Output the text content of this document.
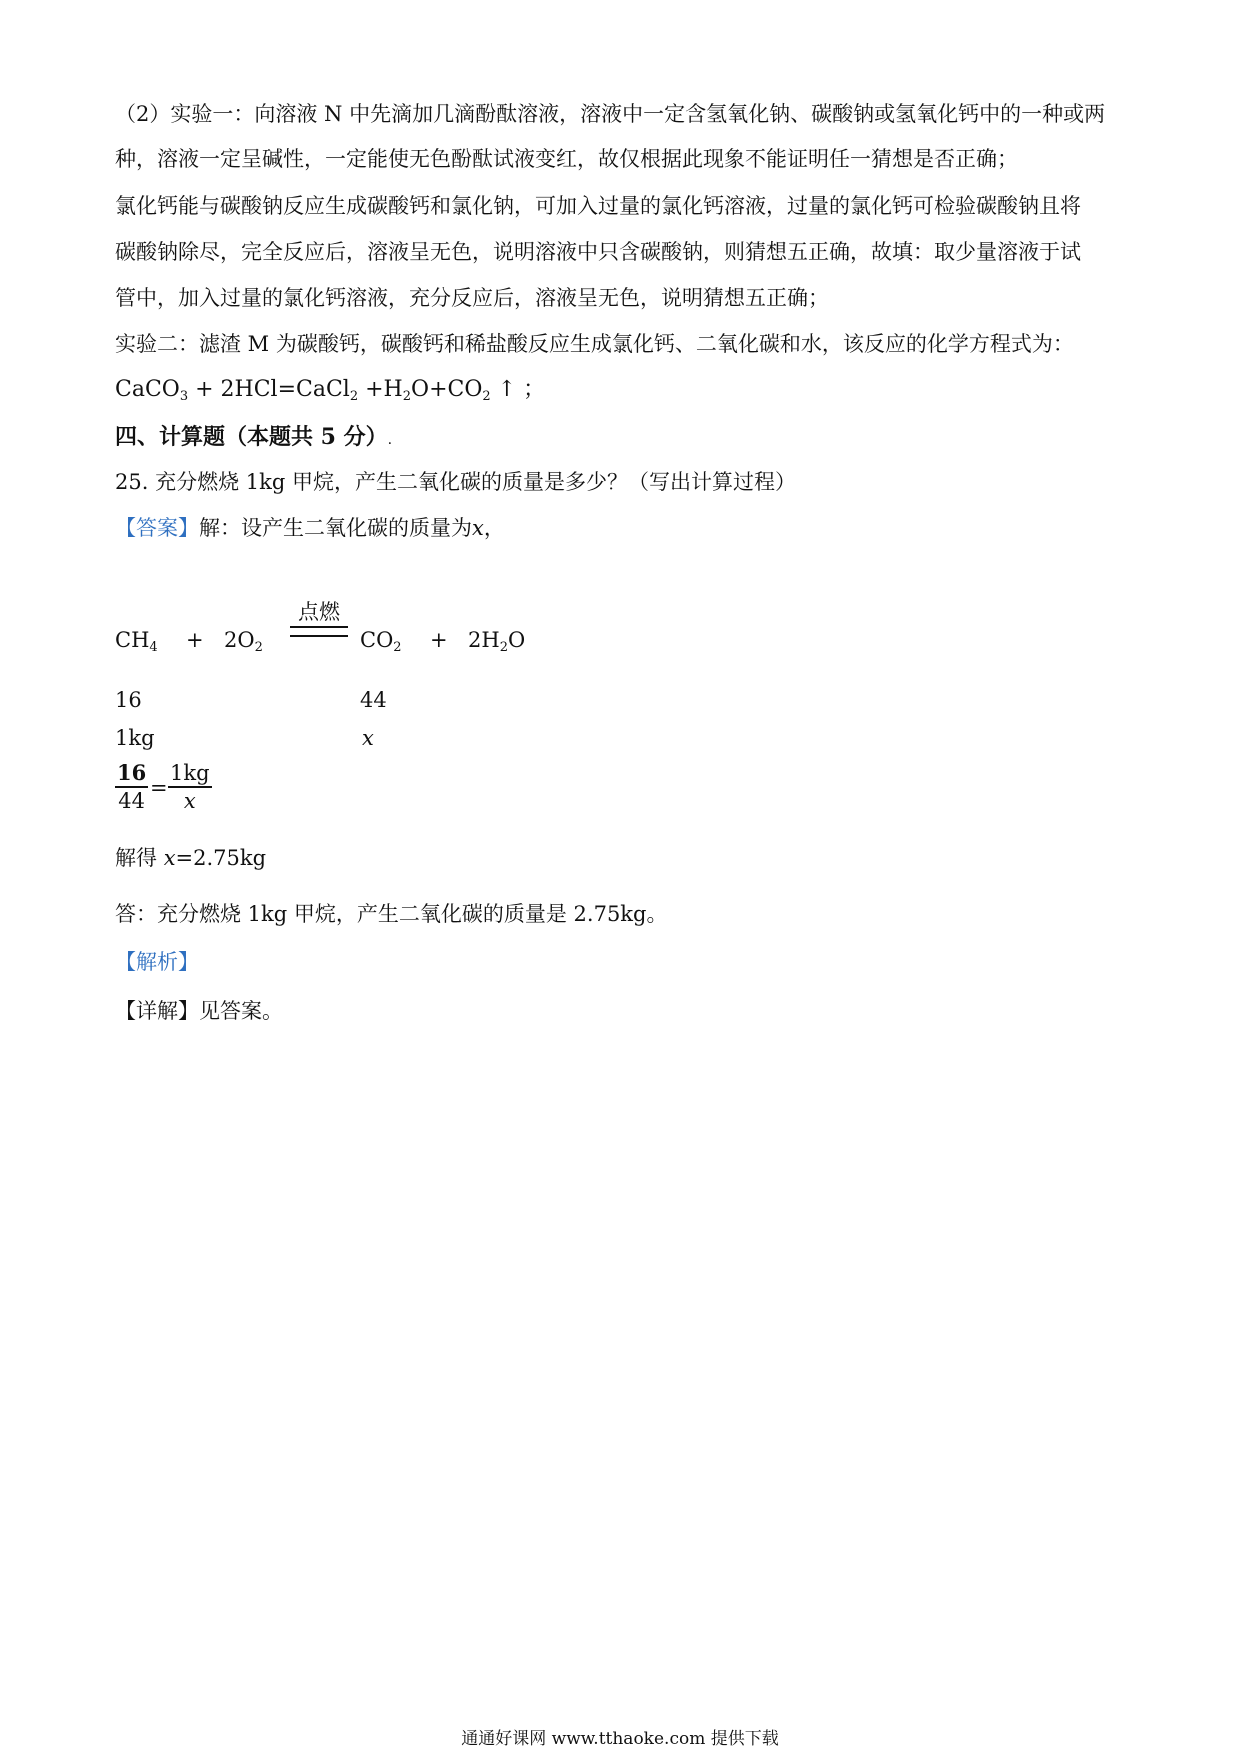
（2）实验一：向溶液 N 中先滴加几滴酚酞溶液，溶液中一定含氢氧化钠、碳酸钠或氢氧化钙中的一种或两
种，溶液一定呈碱性，一定能使无色酚酞试液变红，故仅根据此现象不能证明任一猜想是否正确；
氯化钙能与碳酸钠反应生成碳酸钙和氯化钠，可加入过量的氯化钙溶液，过量的氯化钙可检验碳酸钠且将
碳酸钠除尽，完全反应后，溶液呈无色，说明溶液中只含碳酸钠，则猜想五正确，故填：取少量溶液于试
管中，加入过量的氯化钙溶液，充分反应后，溶液呈无色，说明猜想五正确；
实验二：滤渣 M 为碳酸钙，碳酸钙和稀盐酸反应生成氯化钙、二氧化碳和水，该反应的化学方程式为：
CaCO$_3$ + 2HCl=CaCl$_2$ $+H_2O+CO_2$ ↑ ；
四、计算题（本题共 5 分）.
25. 充分燃烧 1kg 甲烷，产生二氧化碳的质量是多少？（写出计算过程）
【答案】解：设产生二氧化碳的质量为x，
$CH_4 + 2O_2$
点燃
$CO_2 + 2H_2O$
16	44
1kg	x
16
44
=
1kg
x
解得 x=2.75kg
答：充分燃烧 1kg 甲烷，产生二氧化碳的质量是 2.75kg。
【解析】
【详解】见答案。
通通好课网 www.tthaoke.com 提供下载
